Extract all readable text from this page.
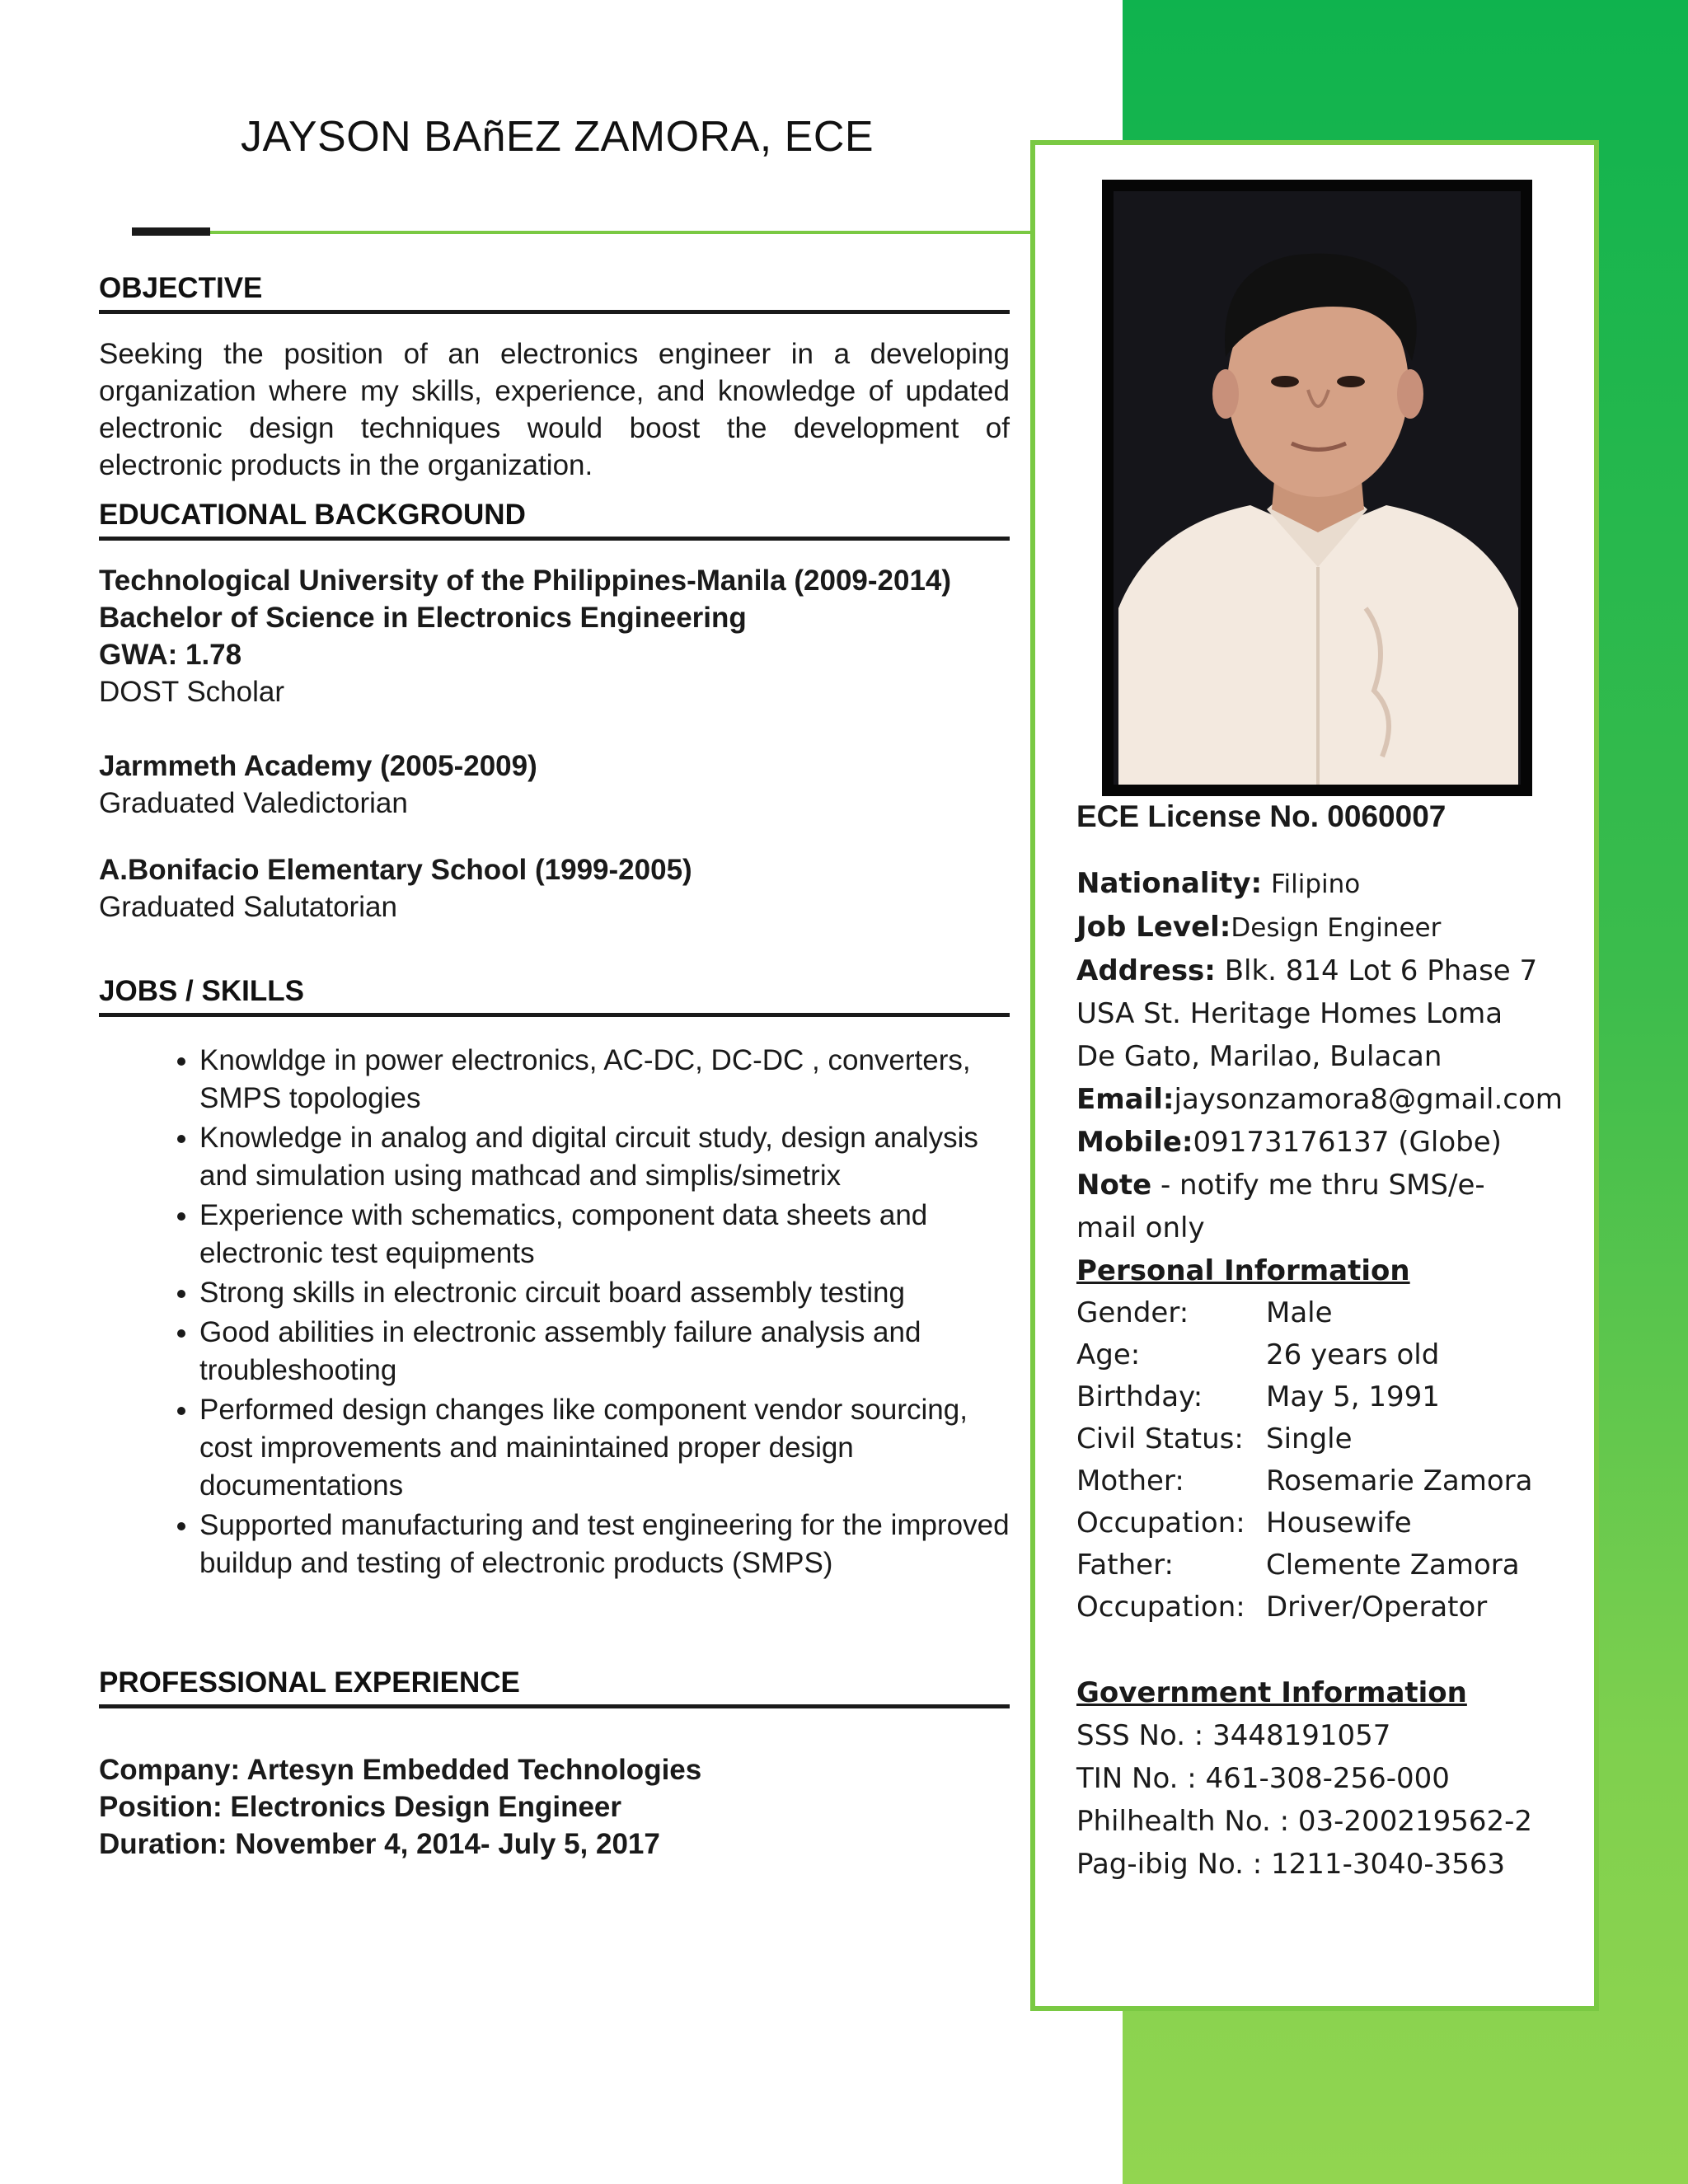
JAYSON BAñEZ ZAMORA, ECE
OBJECTIVE

Seeking the position of an electronics engineer in a developing organization where my skills, experience, and knowledge of updated electronic design techniques would boost the development of electronic products in the organization.

EDUCATIONAL BACKGROUND
Technological University of the Philippines-Manila (2009-2014)
Bachelor of Science in Electronics Engineering
GWA: 1.78
DOST Scholar
Jarmmeth Academy (2005-2009)
Graduated Valedictorian
A.Bonifacio Elementary School (1999-2005)
Graduated Salutatorian
JOBS / SKILLS
• Knowldge in power electronics, AC-DC, DC-DC , converters, SMPS topologies
• Knowledge in analog and digital circuit study, design analysis and simulation using mathcad and simplis/simetrix
• Experience with schematics, component data sheets and electronic test equipments
• Strong skills in electronic circuit board assembly testing
• Good abilities in electronic assembly failure analysis and troubleshooting
• Performed design changes like component vendor sourcing, cost improvements and mainintained proper design documentations
• Supported manufacturing and test engineering for the improved buildup and testing of electronic products (SMPS)
PROFESSIONAL EXPERIENCE
Company: Artesyn Embedded Technologies
Position: Electronics Design Engineer
Duration: November 4, 2014- July 5, 2017
ECE License No. 0060007
Nationality: Filipino
Job Level:Design Engineer
Address: Blk. 814 Lot 6 Phase 7
USA St. Heritage Homes Loma
De Gato, Marilao, Bulacan
Email:jaysonzamora8@gmail.com
Mobile:09173176137 (Globe)
Note - notify me thru SMS/e-
mail only
Personal Information
Gender:	Male
Age:	26 years old
Birthday:	May 5, 1991
Civil Status: Single
Mother:	Rosemarie Zamora
Occupation: Housewife
Father:	Clemente Zamora
Occupation: Driver/Operator
Government Information
SSS No. : 3448191057
TIN No. : 461-308-256-000
Philhealth No. : 03-200219562-2
Pag-ibig No. : 1211-3040-3563
